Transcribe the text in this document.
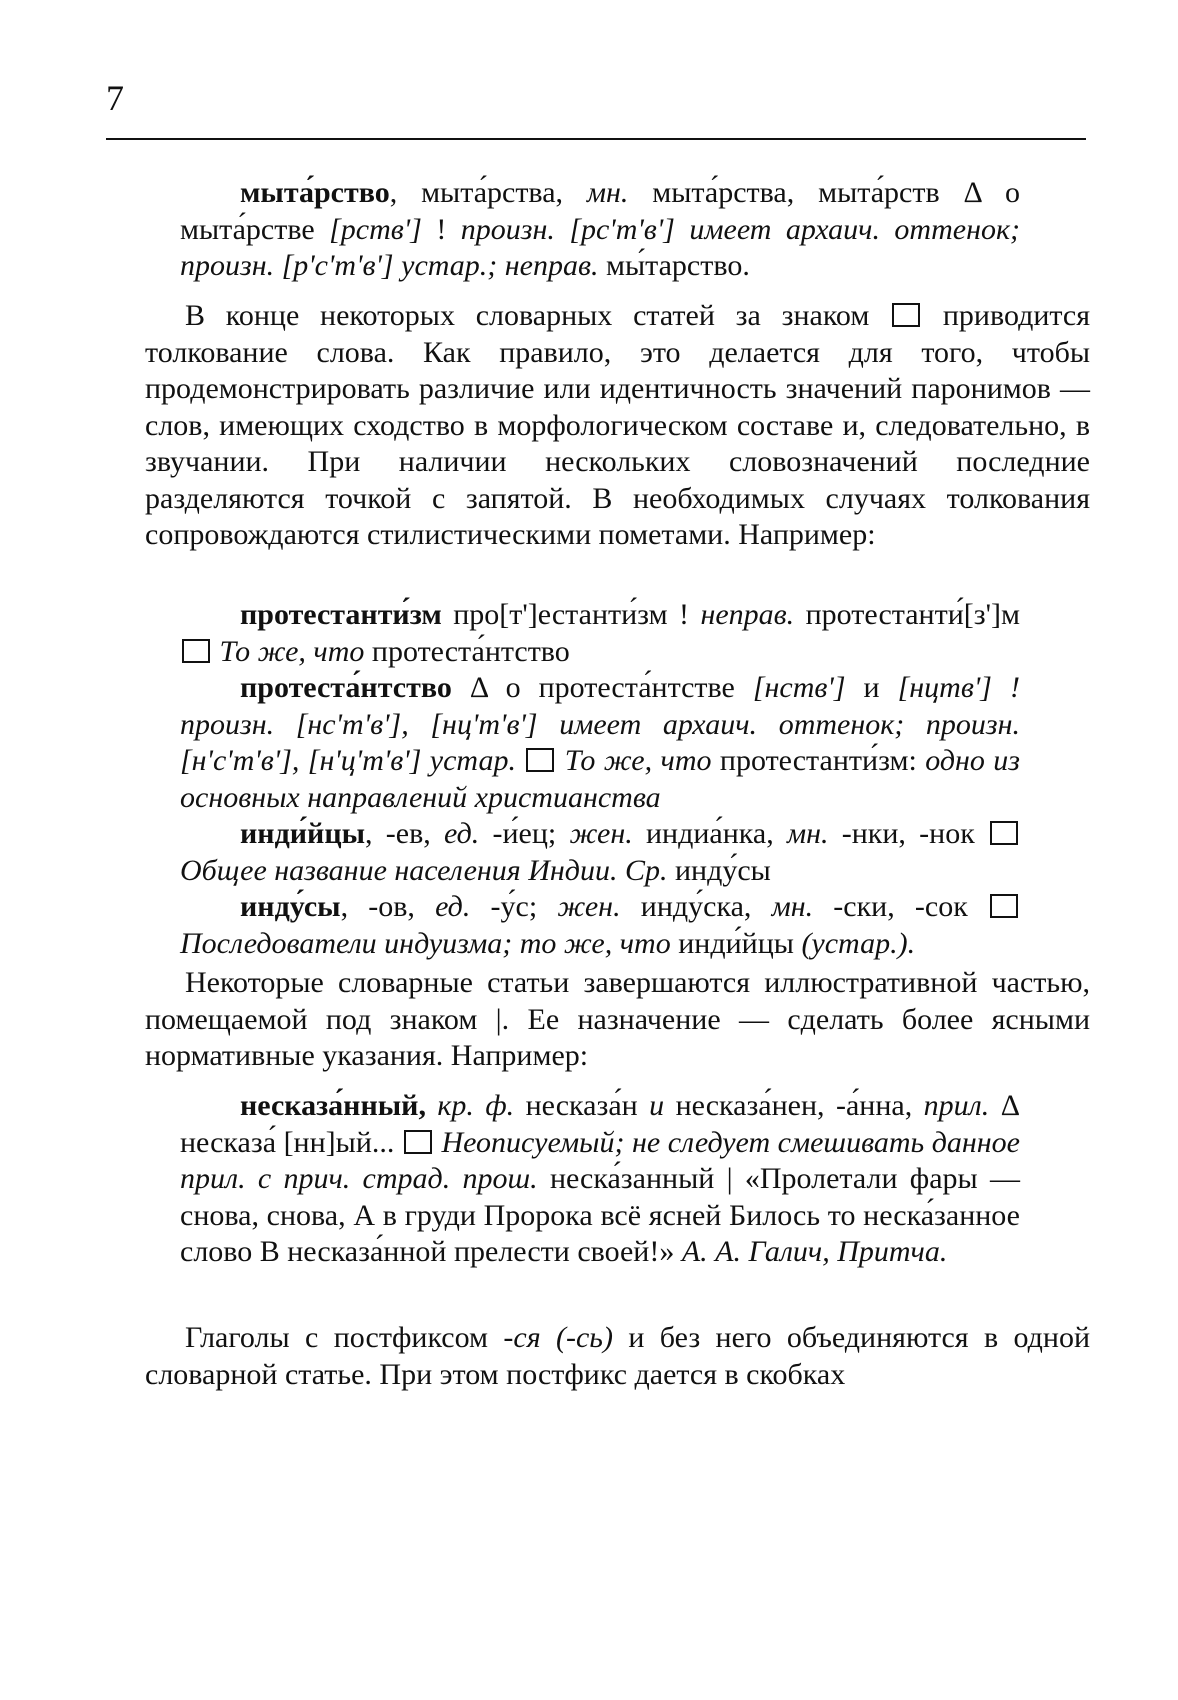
7

мыта́рство, мыта́рства, мн. мыта́рства, мыта́рств Δ о мыта́рстве [рств'] ! произн. [рс'т'в'] имеет архаич. оттенок; произн. [р'с'т'в'] устар.; неправ. мы́тарство.

В конце некоторых словарных статей за знаком  приводится толкование слова. Как правило, это делается для того, чтобы продемонстрировать различие или идентичность значений паронимов — слов, имеющих сходство в морфологическом составе и, следовательно, в звучании. При наличии нескольких словозначений последние разделяются точкой с запятой. В необходимых случаях толкования сопровождаются стилистическими пометами. Например:

протестанти́зм про[т']естанти́зм ! неправ. протестанти́[з']м  То же, что протеста́нтство

протеста́нтство Δ о протеста́нтстве [нств'] и [нцтв'] ! произн. [нс'т'в'], [нц'т'в'] имеет архаич. оттенок; произн. [н'с'т'в'], [н'ц'т'в'] устар.  То же, что протестанти́зм: одно из основных направлений христианства

инди́йцы, -ев, ед. -и́ец; жен. индиа́нка, мн. -нки, -нок  Общее название населения Индии. Ср. инду́сы

инду́сы, -ов, ед. -у́с; жен. инду́ска, мн. -ски, -сок  Последователи индуизма; то же, что инди́йцы (устар.).

Некоторые словарные статьи завершаются иллюстративной частью, помещаемой под знаком |. Ее назначение — сделать более ясными нормативные указания. Например:

несказа́нный, кр. ф. несказа́н и несказа́нен, -а́нна, прил. Δ несказа́ [нн]ый...  Неописуемый; не следует смешивать данное прил. с прич. страд. прош. неска́занный | «Пролетали фары — снова, снова, А в груди Пророка всё ясней Билось то неска́занное слово В несказа́нной прелести своей!» А. А. Галич, Притча.

Глаголы с постфиксом -ся (-сь) и без него объединяются в одной словарной статье. При этом постфикс дается в скобках
